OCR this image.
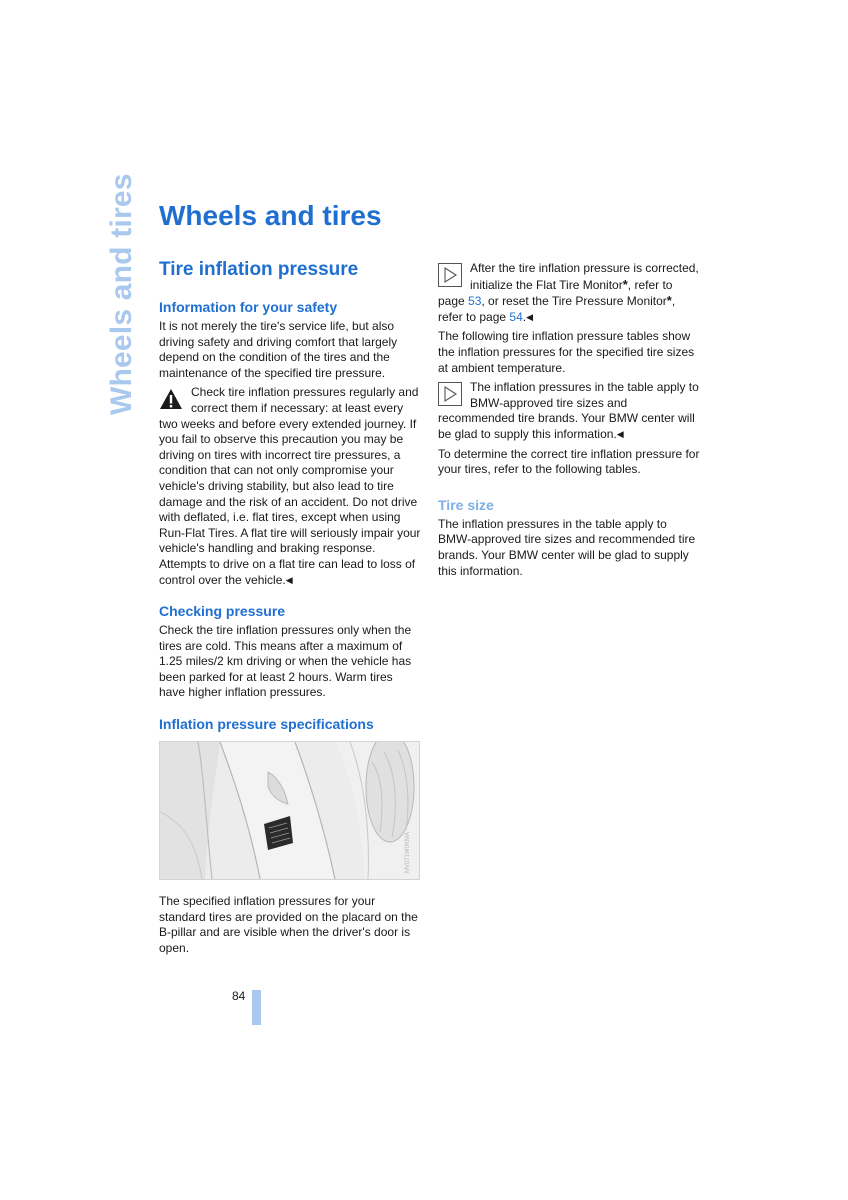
Wheels and tires Wheels and tires
Tire inflation pressure
Information for your safety

It is not merely the tire's service life, but also driving safety and driving comfort that largely depend on the condition of the tires and the maintenance of the specified tire pressure.

Check tire inflation pressures regularly and correct them if necessary: at least every two weeks and before every extended journey. If you fail to observe this precaution you may be driving on tires with incorrect tire pressures, a condition that can not only compromise your vehicle's driving stability, but also lead to tire damage and the risk of an accident. Do not drive with deflated, i.e. flat tires, except when using Run-Flat Tires. A flat tire will seriously impair your vehicle's handling and braking response. Attempts to drive on a flat tire can lead to loss of control over the vehicle.◀
Checking pressure

Check the tire inflation pressures only when the tires are cold. This means after a maximum of 1.25 miles/2 km driving or when the vehicle has been parked for at least 2 hours. Warm tires have higher inflation pressures.

Inflation pressure specifications
MV071W0KMA

The specified inflation pressures for your standard tires are provided on the placard on the B-pillar and are visible when the driver's door is open.

After the tire inflation pressure is corrected, initialize the Flat Tire Monitor*, refer to page 53, or reset the Tire Pressure Monitor*, refer to page 54.◀

The following tire inflation pressure tables show the inflation pressures for the specified tire sizes at ambient temperature.

The inflation pressures in the table apply to BMW-approved tire sizes and recommended tire brands. Your BMW center will be glad to supply this information.◀

To determine the correct tire inflation pressure for your tires, refer to the following tables.

Tire size

The inflation pressures in the table apply to BMW-approved tire sizes and recommended tire brands. Your BMW center will be glad to supply this information.

84
